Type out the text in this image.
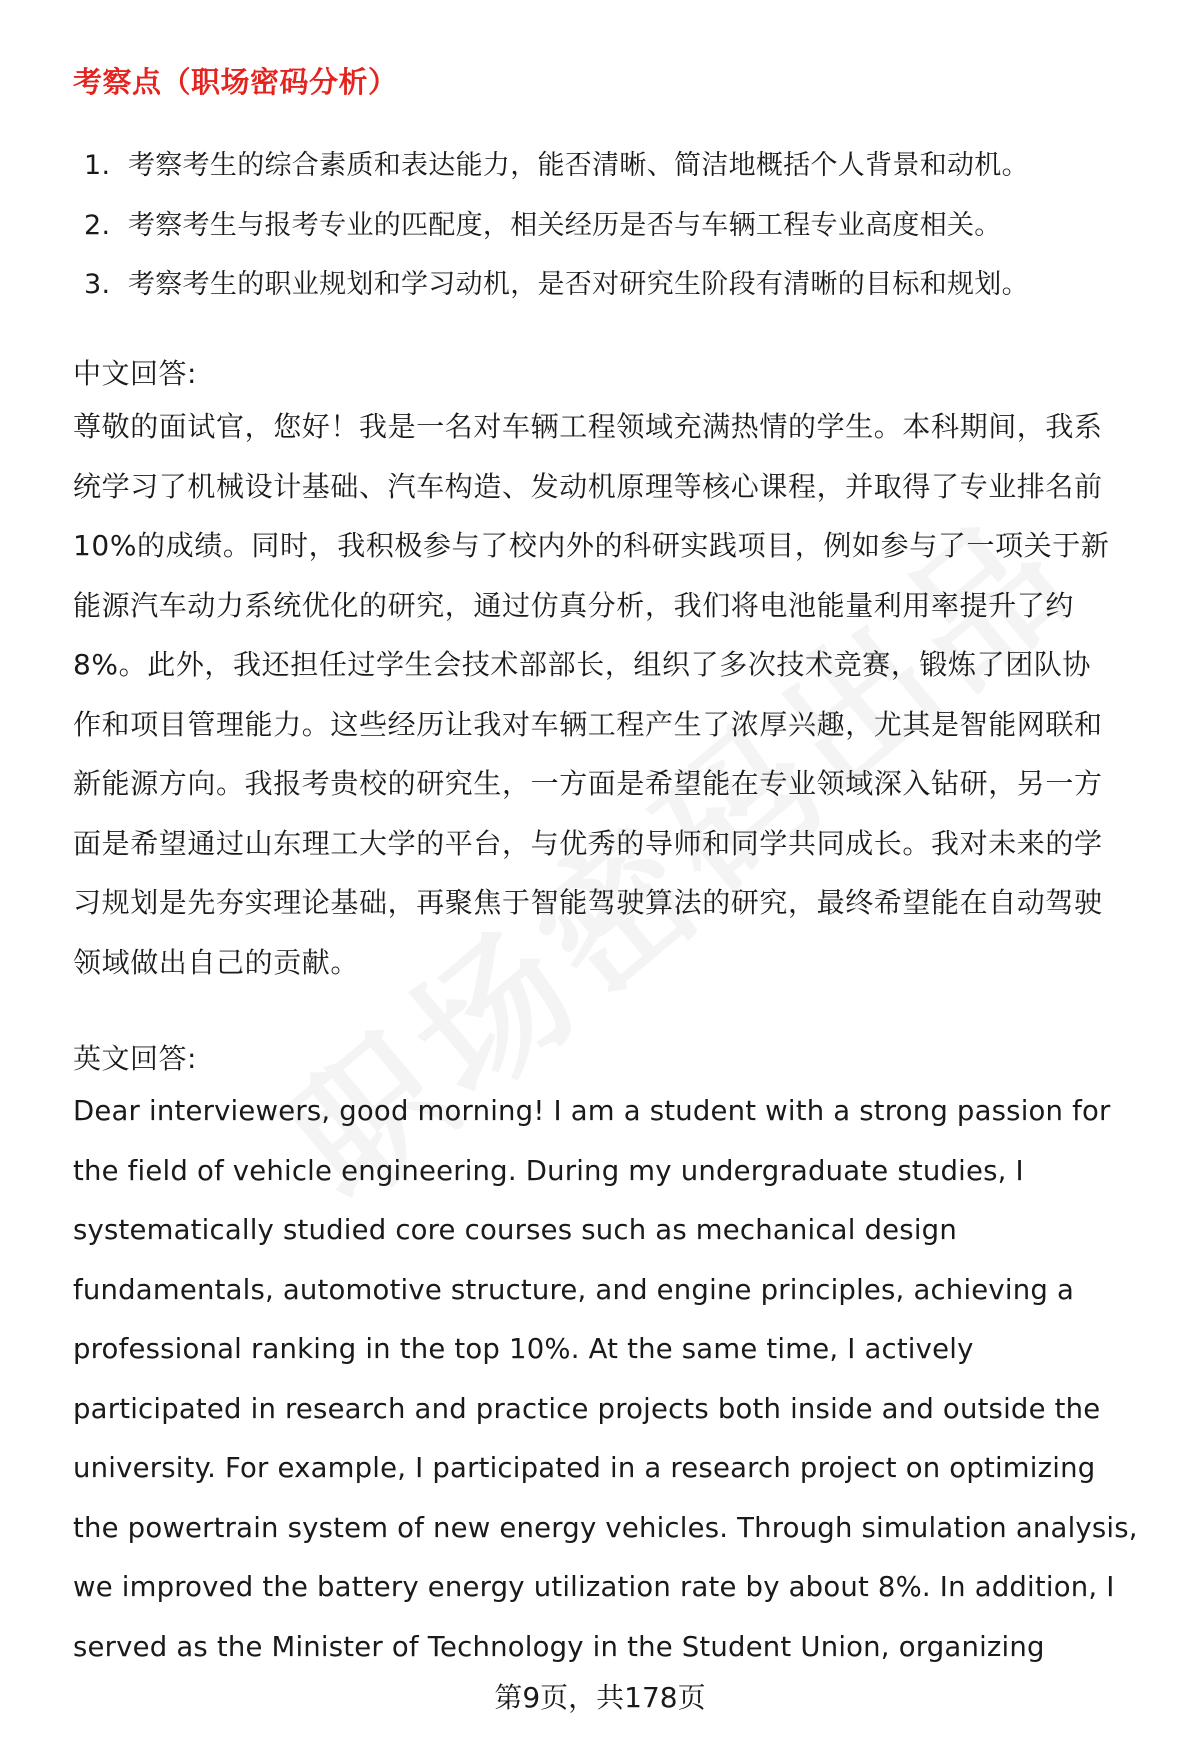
考察点（职场密码分析）
1. 考察考生的综合素质和表达能力，能否清晰、简洁地概括个人背景和动机。
2. 考察考生与报考专业的匹配度，相关经历是否与车辆工程专业高度相关。
3. 考察考生的职业规划和学习动机，是否对研究生阶段有清晰的目标和规划。
中文回答:
尊敬的面试官，您好！我是一名对车辆工程领域充满热情的学生。本科期间，我系
统学习了机械设计基础、汽车构造、发动机原理等核心课程，并取得了专业排名前
10%的成绩。同时，我积极参与了校内外的科研实践项目，例如参与了一项关于新
能源汽车动力系统优化的研究，通过仿真分析，我们将电池能量利用率提升了约
8%。此外，我还担任过学生会技术部部长，组织了多次技术竞赛，锻炼了团队协
作和项目管理能力。这些经历让我对车辆工程产生了浓厚兴趣，尤其是智能网联和
新能源方向。我报考贵校的研究生，一方面是希望能在专业领域深入钻研，另一方
面是希望通过山东理工大学的平台，与优秀的导师和同学共同成长。我对未来的学
习规划是先夯实理论基础，再聚焦于智能驾驶算法的研究，最终希望能在自动驾驶
领域做出自己的贡献。
英文回答:
Dear interviewers, good morning! I am a student with a strong passion for
the field of vehicle engineering. During my undergraduate studies, I
systematically studied core courses such as mechanical design
fundamentals, automotive structure, and engine principles, achieving a
professional ranking in the top 10%. At the same time, I actively
participated in research and practice projects both inside and outside the
university. For example, I participated in a research project on optimizing
the powertrain system of new energy vehicles. Through simulation analysis,
we improved the battery energy utilization rate by about 8%. In addition, I
served as the Minister of Technology in the Student Union, organizing
第9页，共178页
